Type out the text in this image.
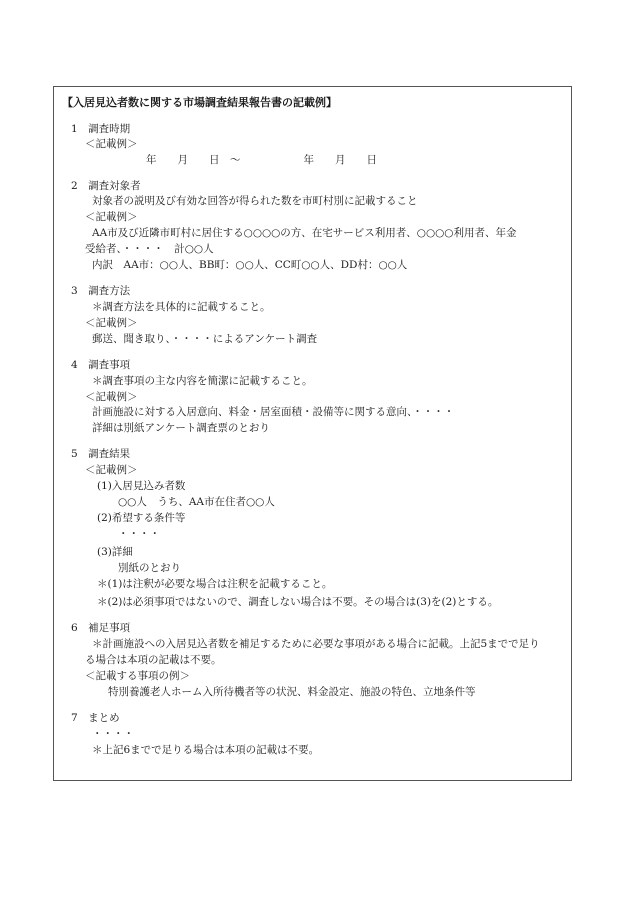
【入居見込者数に関する市場調査結果報告書の記載例】
1　調査時期
＜記載例＞
年　　月　　日　～　　　　　　年　　月　　日
2　調査対象者
対象者の説明及び有効な回答が得られた数を市町村別に記載すること
＜記載例＞
AA市及び近隣市町村に居住する○○○○の方、在宅サービス利用者、○○○○利用者、年金
受給者、・・・・　計○○人
内訳　AA市：○○人、BB町：○○人、CC町○○人、DD村：○○人
3　調査方法
＊調査方法を具体的に記載すること。
＜記載例＞
郵送、聞き取り、・・・・によるアンケート調査
4　調査事項
＊調査事項の主な内容を簡潔に記載すること。
＜記載例＞
計画施設に対する入居意向、料金・居室面積・設備等に関する意向、・・・・
詳細は別紙アンケート調査票のとおり
5　調査結果
＜記載例＞
(1)入居見込み者数
○○人　うち、AA市在住者○○人
(2)希望する条件等
・・・・
(3)詳細
別紙のとおり
＊(1)は注釈が必要な場合は注釈を記載すること。
＊(2)は必須事項ではないので、調査しない場合は不要。その場合は(3)を(2)とする。
6　補足事項
＊計画施設への入居見込者数を補足するために必要な事項がある場合に記載。上記5までで足り
る場合は本項の記載は不要。
＜記載する事項の例＞
特別養護老人ホーム入所待機者等の状況、料金設定、施設の特色、立地条件等
7　まとめ
・・・・
＊上記6までで足りる場合は本項の記載は不要。
